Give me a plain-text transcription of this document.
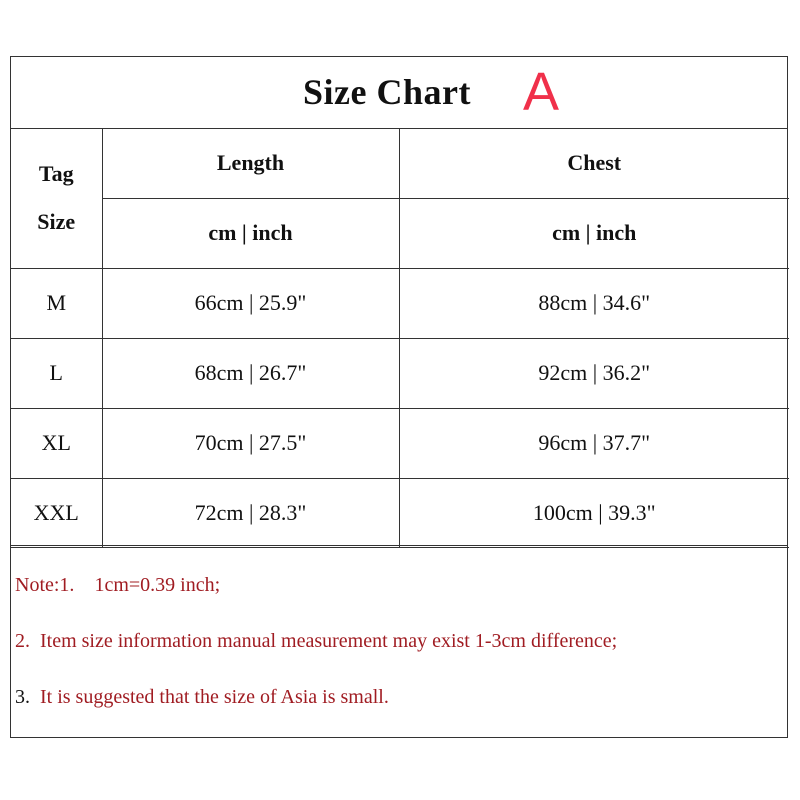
Size Chart A
Tag
Size	Length	Chest
	cm | inch	cm | inch
M	66cm | 25.9"	88cm | 34.6"
L	68cm | 26.7"	92cm | 36.2"
XL	70cm | 27.5"	96cm | 37.7"
XXL	72cm | 28.3"	100cm | 39.3"
Note:1. 1cm=0.39 inch;
2. Item size information manual measurement may exist 1-3cm difference;
3. It is suggested that the size of Asia is small.
